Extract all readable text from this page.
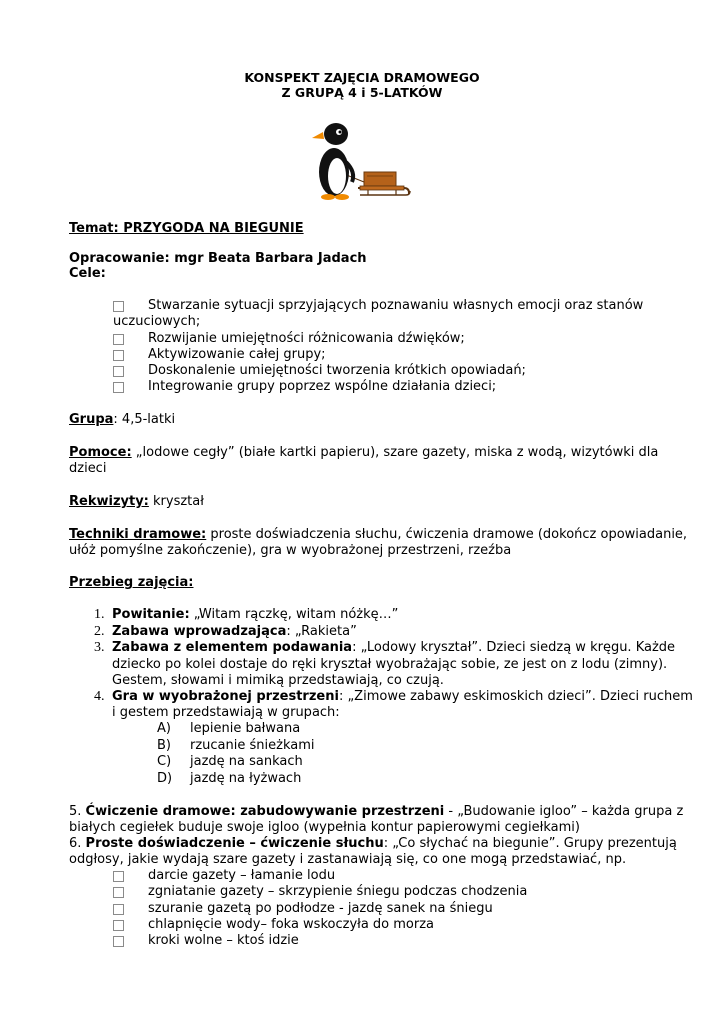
KONSPEKT ZAJĘCIA DRAMOWEGO
Z GRUPĄ 4 i 5-LATKÓW
Temat: PRZYGODA NA BIEGUNIE
Opracowanie: mgr Beata Barbara Jadach
Cele:
Stwarzanie sytuacji sprzyjających poznawaniu własnych emocji oraz stanów
uczuciowych;
Rozwijanie umiejętności różnicowania dźwięków;
Aktywizowanie całej grupy;
Doskonalenie umiejętności tworzenia krótkich opowiadań;
Integrowanie grupy poprzez wspólne działania dzieci;
Grupa: 4,5-latki
Pomoce: „lodowe cegły” (białe kartki papieru), szare gazety, miska z wodą, wizytówki dla
dzieci
Rekwizyty: kryształ
Techniki dramowe: proste doświadczenia słuchu, ćwiczenia dramowe (dokończ opowiadanie,
ułóż pomyślne zakończenie), gra w wyobrażonej przestrzeni, rzeźba
Przebieg zajęcia:
1. Powitanie: „Witam rączkę, witam nóżkę…”
2. Zabawa wprowadzająca: „Rakieta”
3. Zabawa z elementem podawania: „Lodowy kryształ”. Dzieci siedzą w kręgu. Każde
dziecko po kolei dostaje do ręki kryształ wyobrażając sobie, ze jest on z lodu (zimny).
Gestem, słowami i mimiką przedstawiają, co czują.
4. Gra w wyobrażonej przestrzeni: „Zimowe zabawy eskimoskich dzieci”. Dzieci ruchem
i gestem przedstawiają w grupach:
A) lepienie bałwana
B) rzucanie śnieżkami
C) jazdę na sankach
D) jazdę na łyżwach
5. Ćwiczenie dramowe: zabudowywanie przestrzeni - „Budowanie igloo” – każda grupa z
białych cegiełek buduje swoje igloo (wypełnia kontur papierowymi cegiełkami)
6. Proste doświadczenie – ćwiczenie słuchu: „Co słychać na biegunie”. Grupy prezentują
odgłosy, jakie wydają szare gazety i zastanawiają się, co one mogą przedstawiać, np.
darcie gazety – łamanie lodu
zgniatanie gazety – skrzypienie śniegu podczas chodzenia
szuranie gazetą po podłodze - jazdę sanek na śniegu
chlapnięcie wody– foka wskoczyła do morza
kroki wolne – ktoś idzie
